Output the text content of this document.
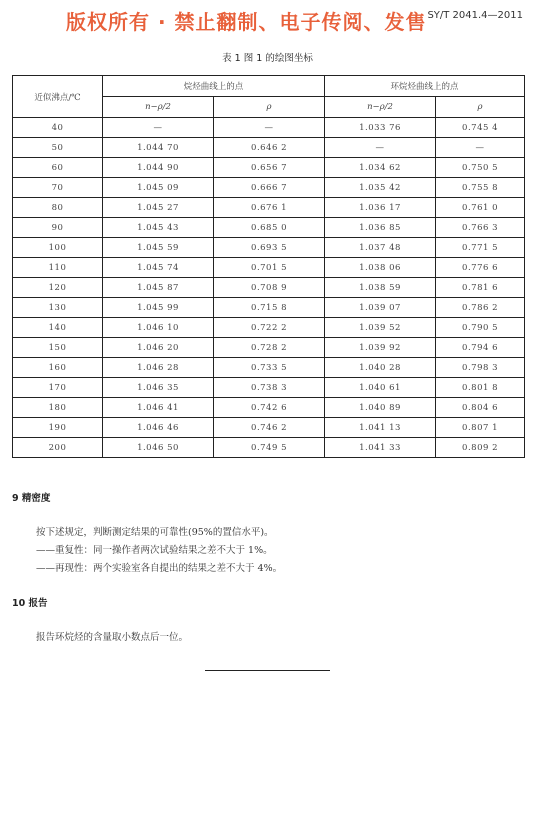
版权所有 · 禁止翻制、电子传阅、发售 SY/T 2041.4—2011
表 1 图 1 的绘图坐标
近似沸点/℃	烷烃曲线上的点		环烷烃曲线上的点	
	n−ρ/2	ρ	n−ρ/2	ρ
40	—	—	1.033 76	0.745 4
50	1.044 70	0.646 2	—	—
60	1.044 90	0.656 7	1.034 62	0.750 5
70	1.045 09	0.666 7	1.035 42	0.755 8
80	1.045 27	0.676 1	1.036 17	0.761 0
90	1.045 43	0.685 0	1.036 85	0.766 3
100	1.045 59	0.693 5	1.037 48	0.771 5
110	1.045 74	0.701 5	1.038 06	0.776 6
120	1.045 87	0.708 9	1.038 59	0.781 6
130	1.045 99	0.715 8	1.039 07	0.786 2
140	1.046 10	0.722 2	1.039 52	0.790 5
150	1.046 20	0.728 2	1.039 92	0.794 6
160	1.046 28	0.733 5	1.040 28	0.798 3
170	1.046 35	0.738 3	1.040 61	0.801 8
180	1.046 41	0.742 6	1.040 89	0.804 6
190	1.046 46	0.746 2	1.041 13	0.807 1
200	1.046 50	0.749 5	1.041 33	0.809 2
9 精密度
按下述规定，判断测定结果的可靠性(95%的置信水平)。
——重复性：同一操作者两次试验结果之差不大于 1%。
——再现性：两个实验室各自提出的结果之差不大于 4%。
10 报告
报告环烷烃的含量取小数点后一位。
